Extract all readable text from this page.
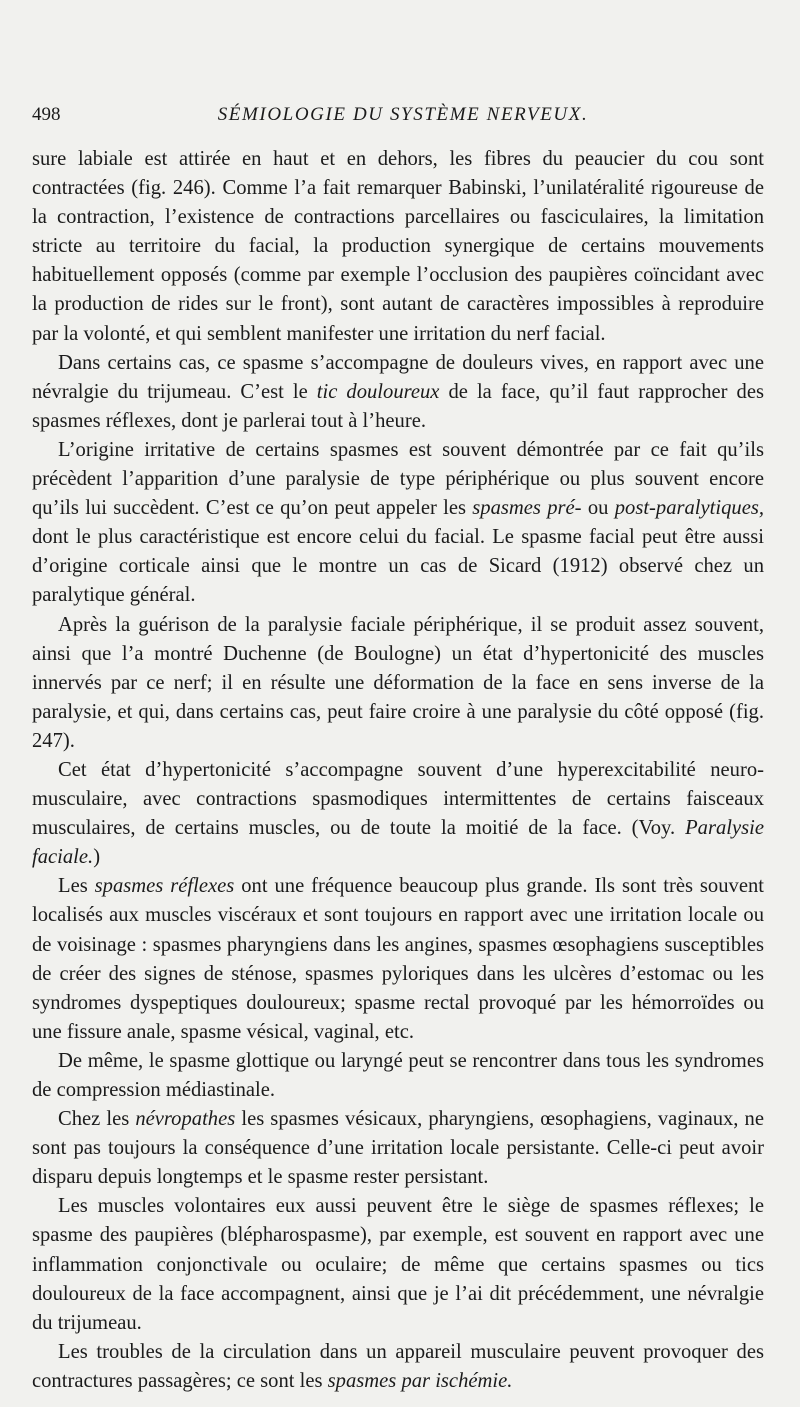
498	SÉMIOLOGIE DU SYSTÈME NERVEUX.

sure labiale est attirée en haut et en dehors, les fibres du peaucier du cou sont contractées (fig. 246). Comme l’a fait remarquer Babinski, l’unilatéralité rigoureuse de la contraction, l’existence de contractions parcellaires ou fasciculaires, la limitation stricte au territoire du facial, la production synergique de certains mouvements habituellement opposés (comme par exemple l’occlusion des paupières coïncidant avec la production de rides sur le front), sont autant de caractères impossibles à reproduire par la volonté, et qui semblent manifester une irritation du nerf facial.

Dans certains cas, ce spasme s’accompagne de douleurs vives, en rapport avec une névralgie du trijumeau. C’est le tic douloureux de la face, qu’il faut rapprocher des spasmes réflexes, dont je parlerai tout à l’heure.

L’origine irritative de certains spasmes est souvent démontrée par ce fait qu’ils précèdent l’apparition d’une paralysie de type périphérique ou plus souvent encore qu’ils lui succèdent. C’est ce qu’on peut appeler les spasmes pré- ou post-paralytiques, dont le plus caractéristique est encore celui du facial. Le spasme facial peut être aussi d’origine corticale ainsi que le montre un cas de Sicard (1912) observé chez un paralytique général.

Après la guérison de la paralysie faciale périphérique, il se produit assez souvent, ainsi que l’a montré Duchenne (de Boulogne) un état d’hypertonicité des muscles innervés par ce nerf; il en résulte une déformation de la face en sens inverse de la paralysie, et qui, dans certains cas, peut faire croire à une paralysie du côté opposé (fig. 247).

Cet état d’hypertonicité s’accompagne souvent d’une hyperexcitabilité neuro-musculaire, avec contractions spasmodiques intermittentes de certains faisceaux musculaires, de certains muscles, ou de toute la moitié de la face. (Voy. Paralysie faciale.)

Les spasmes réflexes ont une fréquence beaucoup plus grande. Ils sont très souvent localisés aux muscles viscéraux et sont toujours en rapport avec une irritation locale ou de voisinage : spasmes pharyngiens dans les angines, spasmes œsophagiens susceptibles de créer des signes de sténose, spasmes pyloriques dans les ulcères d’estomac ou les syndromes dyspeptiques douloureux; spasme rectal provoqué par les hémorroïdes ou une fissure anale, spasme vésical, vaginal, etc.

De même, le spasme glottique ou laryngé peut se rencontrer dans tous les syndromes de compression médiastinale.

Chez les névropathes les spasmes vésicaux, pharyngiens, œsophagiens, vaginaux, ne sont pas toujours la conséquence d’une irritation locale persistante. Celle-ci peut avoir disparu depuis longtemps et le spasme rester persistant.

Les muscles volontaires eux aussi peuvent être le siège de spasmes réflexes; le spasme des paupières (blépharospasme), par exemple, est souvent en rapport avec une inflammation conjonctivale ou oculaire; de même que certains spasmes ou tics douloureux de la face accompagnent, ainsi que je l’ai dit précédemment, une névralgie du trijumeau.

Les troubles de la circulation dans un appareil musculaire peuvent provoquer des contractures passagères; ce sont les spasmes par ischémie.
